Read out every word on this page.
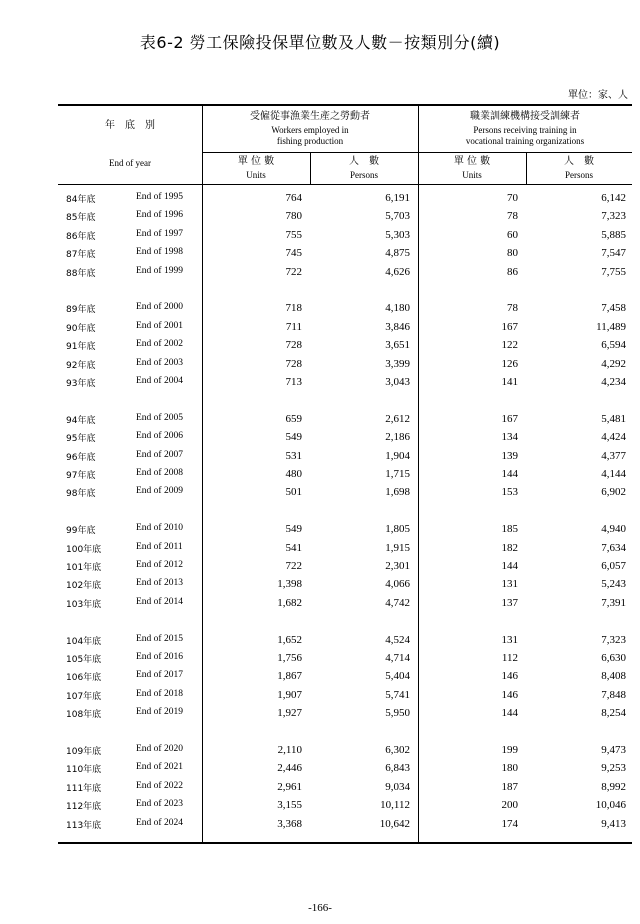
表6-2 勞工保險投保單位數及人數－按類別分(續)
單位：家、人
年　底　別
End of year
受僱從事漁業生產之勞動者
Workers employed in
fishing production
職業訓練機構接受訓練者
Persons receiving training in
vocational training organizations
單 位 數
Units
人　數
Persons
單 位 數
Units
人　數
Persons
84年底	End of 1995	764	6,191	70	6,142
85年底	End of 1996	780	5,703	78	7,323
86年底	End of 1997	755	5,303	60	5,885
87年底	End of 1998	745	4,875	80	7,547
88年底	End of 1999	722	4,626	86	7,755
89年底	End of 2000	718	4,180	78	7,458
90年底	End of 2001	711	3,846	167	11,489
91年底	End of 2002	728	3,651	122	6,594
92年底	End of 2003	728	3,399	126	4,292
93年底	End of 2004	713	3,043	141	4,234
94年底	End of 2005	659	2,612	167	5,481
95年底	End of 2006	549	2,186	134	4,424
96年底	End of 2007	531	1,904	139	4,377
97年底	End of 2008	480	1,715	144	4,144
98年底	End of 2009	501	1,698	153	6,902
99年底	End of 2010	549	1,805	185	4,940
100年底	End of 2011	541	1,915	182	7,634
101年底	End of 2012	722	2,301	144	6,057
102年底	End of 2013	1,398	4,066	131	5,243
103年底	End of 2014	1,682	4,742	137	7,391
104年底	End of 2015	1,652	4,524	131	7,323
105年底	End of 2016	1,756	4,714	112	6,630
106年底	End of 2017	1,867	5,404	146	8,408
107年底	End of 2018	1,907	5,741	146	7,848
108年底	End of 2019	1,927	5,950	144	8,254
109年底	End of 2020	2,110	6,302	199	9,473
110年底	End of 2021	2,446	6,843	180	9,253
111年底	End of 2022	2,961	9,034	187	8,992
112年底	End of 2023	3,155	10,112	200	10,046
113年底	End of 2024	3,368	10,642	174	9,413
-166-
